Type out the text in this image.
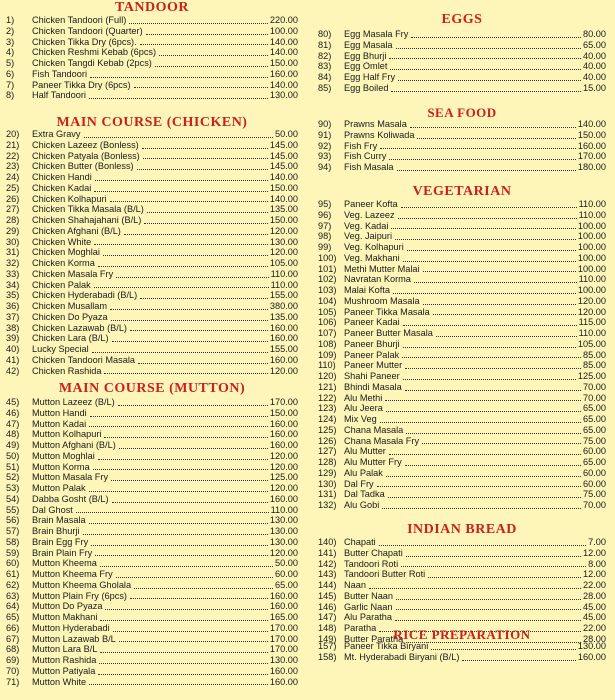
TANDOOR
1)	Chicken Tandoori (Full)	220.00
2)	Chicken Tandoori (Quarter)	100.00
3)	Chicken Tikka Dry (6pcs).	140.00
4)	Chicken Reshmi Kebab (6pcs)	140.00
5)	Chicken Tangdi Kebab (2pcs)	150.00
6)	Fish Tandoori	160.00
7)	Paneer Tikka Dry (6pcs)	140.00
8)	Half Tandoori	130.00
MAIN COURSE (CHICKEN)
20)	Extra Gravy	50.00
21)	Chicken Lazeez (Bonless)	145.00
22)	Chicken Patyala (Bonless)	145.00
23)	Chicken Butter (Bonless)	145.00
24)	Chicken Handi	140.00
25)	Chicken Kadai	150.00
26)	Chicken Kolhapuri	140.00
27)	Chicken Tikka Masala (B/L)	135.00
28)	Chicken Shahajahani (B/L)	150.00
29)	Chicken Afghani (B/L)	120.00
30)	Chicken White	130.00
31)	Chicken Moghlai	120.00
32)	Chicken Korma	105.00
33)	Chicken Masala Fry	110.00
34)	Chicken Palak	110.00
35)	Chicken Hyderabadi (B/L)	155.00
36)	Chicken Musallam	380.00
37)	Chicken Do Pyaza	135.00
38)	Chicken Lazawab (B/L)	160.00
39)	Chicken Lara (B/L)	160.00
40)	Lucky Special	155.00
41)	Chicken Tandoori Masala	160.00
42)	Chicken Rashida	120.00
MAIN COURSE (MUTTON)
45)	Mutton Lazeez (B/L)	170.00
46)	Mutton Handi	150.00
47)	Mutton Kadai	160.00
48)	Mutton Kolhapuri	160.00
49)	Mutton Afghani (B/L)	160.00
50)	Mutton Moghlai	120.00
51)	Mutton Korma	120.00
52)	Mutton Masala Fry	125.00
53)	Mutton Palak	120.00
54)	Dabba Gosht (B/L)	160.00
55)	Dal Ghost	110.00
56)	Brain Masala	130.00
57)	Brain Bhurji	130.00
58)	Brain Egg Fry	130.00
59)	Brain Plain Fry	120.00
60)	Mutton Kheema	50.00
61)	Mutton Kheema Fry	60.00
62)	Mutton Kheema Gholala	65.00
63)	Mutton Plain Fry (6pcs)	160.00
64)	Mutton Do Pyaza	160.00
65)	Mutton Makhani	165.00
66)	Mutton Hyderabadi	170.00
67)	Mutton Lazawab B/L	170.00
68)	Mutton Lara B/L	170.00
69)	Mutton Rashida	130.00
70)	Mutton Patiyala	160.00
71)	Mutton White	160.00
EGGS
80)	Egg Masala Fry	80.00
81)	Egg Masala	65.00
82)	Egg Bhurji	40.00
83)	Egg Omlet	40.00
84)	Egg Half Fry	40.00
85)	Egg Boiled	15.00
SEA FOOD
90)	Prawns Masala	140.00
91)	Prawns Koliwada	150.00
92)	Fish Fry	160.00
93)	Fish Curry	170.00
94)	Fish Masala	180.00
VEGETARIAN
95)	Paneer Kofta	110.00
96)	Veg. Lazeez	110.00
97)	Veg. Kadai	100.00
98)	Veg. Jaipuri	100.00
99)	Veg. Kolhapuri	100.00
100) Veg. Makhani	100.00
101) Methi Mutter Malai	100.00
102) Navratan Korma	110.00
103) Malai Kofta	100.00
104) Mushroom Masala	120.00
105) Paneer Tikka Masala	120.00
106) Paneer Kadai	115.00
107) Paneer Butter Masala	110.00
108) Paneer Bhurji	105.00
109) Paneer Palak	85.00
110) Paneer Mutter	85.00
120) Shahi Paneer	125.00
121) Bhindi Masala	70.00
122) Alu Methi	70.00
123) Alu Jeera	65.00
124) Mix Veg	65.00
125) Chana Masala	65.00
126) Chana Masala Fry	75.00
127) Alu Mutter	60.00
128) Alu Mutter Fry	65.00
129) Alu Palak	60.00
130) Dal Fry	60.00
131) Dal Tadka	75.00
132) Alu Gobi	70.00
INDIAN BREAD
140) Chapati	7.00
141) Butter Chapati	12.00
142) Tandoori Roti	8.00
143) Tandoori Butter Roti	12.00
144) Naan	22.00
145) Butter Naan	28.00
146) Garlic Naan	45.00
147) Alu Paratha	45.00
148) Paratha	22.00
149) Butter Paratha	28.00
RICE PREPARATION
157) Paneer Tikka Biryani	130.00
158) Mt. Hyderabadi Biryani (B/L)	160.00
